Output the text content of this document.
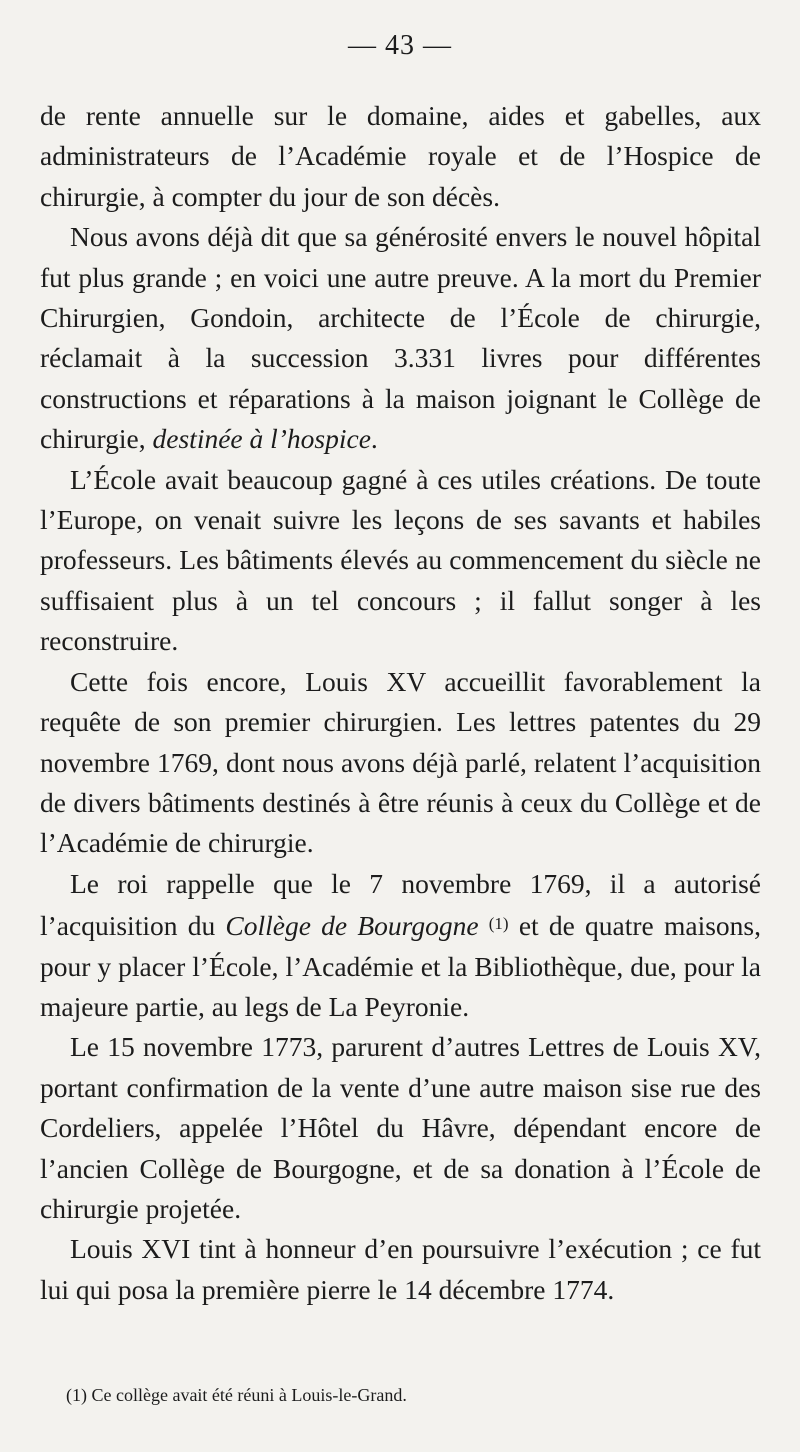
— 43 —

de rente annuelle sur le domaine, aides et gabelles, aux administrateurs de l’Académie royale et de l’Hospice de chirurgie, à compter du jour de son décès.

Nous avons déjà dit que sa générosité envers le nouvel hôpital fut plus grande ; en voici une autre preuve. A la mort du Premier Chirurgien, Gondoin, architecte de l’École de chirurgie, réclamait à la succession 3.331 livres pour différentes constructions et réparations à la maison joignant le Collège de chirurgie, destinée à l’hospice.

L’École avait beaucoup gagné à ces utiles créations. De toute l’Europe, on venait suivre les leçons de ses savants et habiles professeurs. Les bâtiments élevés au commencement du siècle ne suffisaient plus à un tel concours ; il fallut songer à les reconstruire.

Cette fois encore, Louis XV accueillit favorablement la requête de son premier chirurgien. Les lettres patentes du 29 novembre 1769, dont nous avons déjà parlé, relatent l’acquisition de divers bâtiments destinés à être réunis à ceux du Collège et de l’Académie de chirurgie.

Le roi rappelle que le 7 novembre 1769, il a autorisé l’acquisition du Collège de Bourgogne $^{(1)}$ et de quatre maisons, pour y placer l’École, l’Académie et la Bibliothèque, due, pour la majeure partie, au legs de La Peyronie.

Le 15 novembre 1773, parurent d’autres Lettres de Louis XV, portant confirmation de la vente d’une autre maison sise rue des Cordeliers, appelée l’Hôtel du Hâvre, dépendant encore de l’ancien Collège de Bourgogne, et de sa donation à l’École de chirurgie projetée.

Louis XVI tint à honneur d’en poursuivre l’exécution ; ce fut lui qui posa la première pierre le 14 décembre 1774.

(1) Ce collège avait été réuni à Louis-le-Grand.
